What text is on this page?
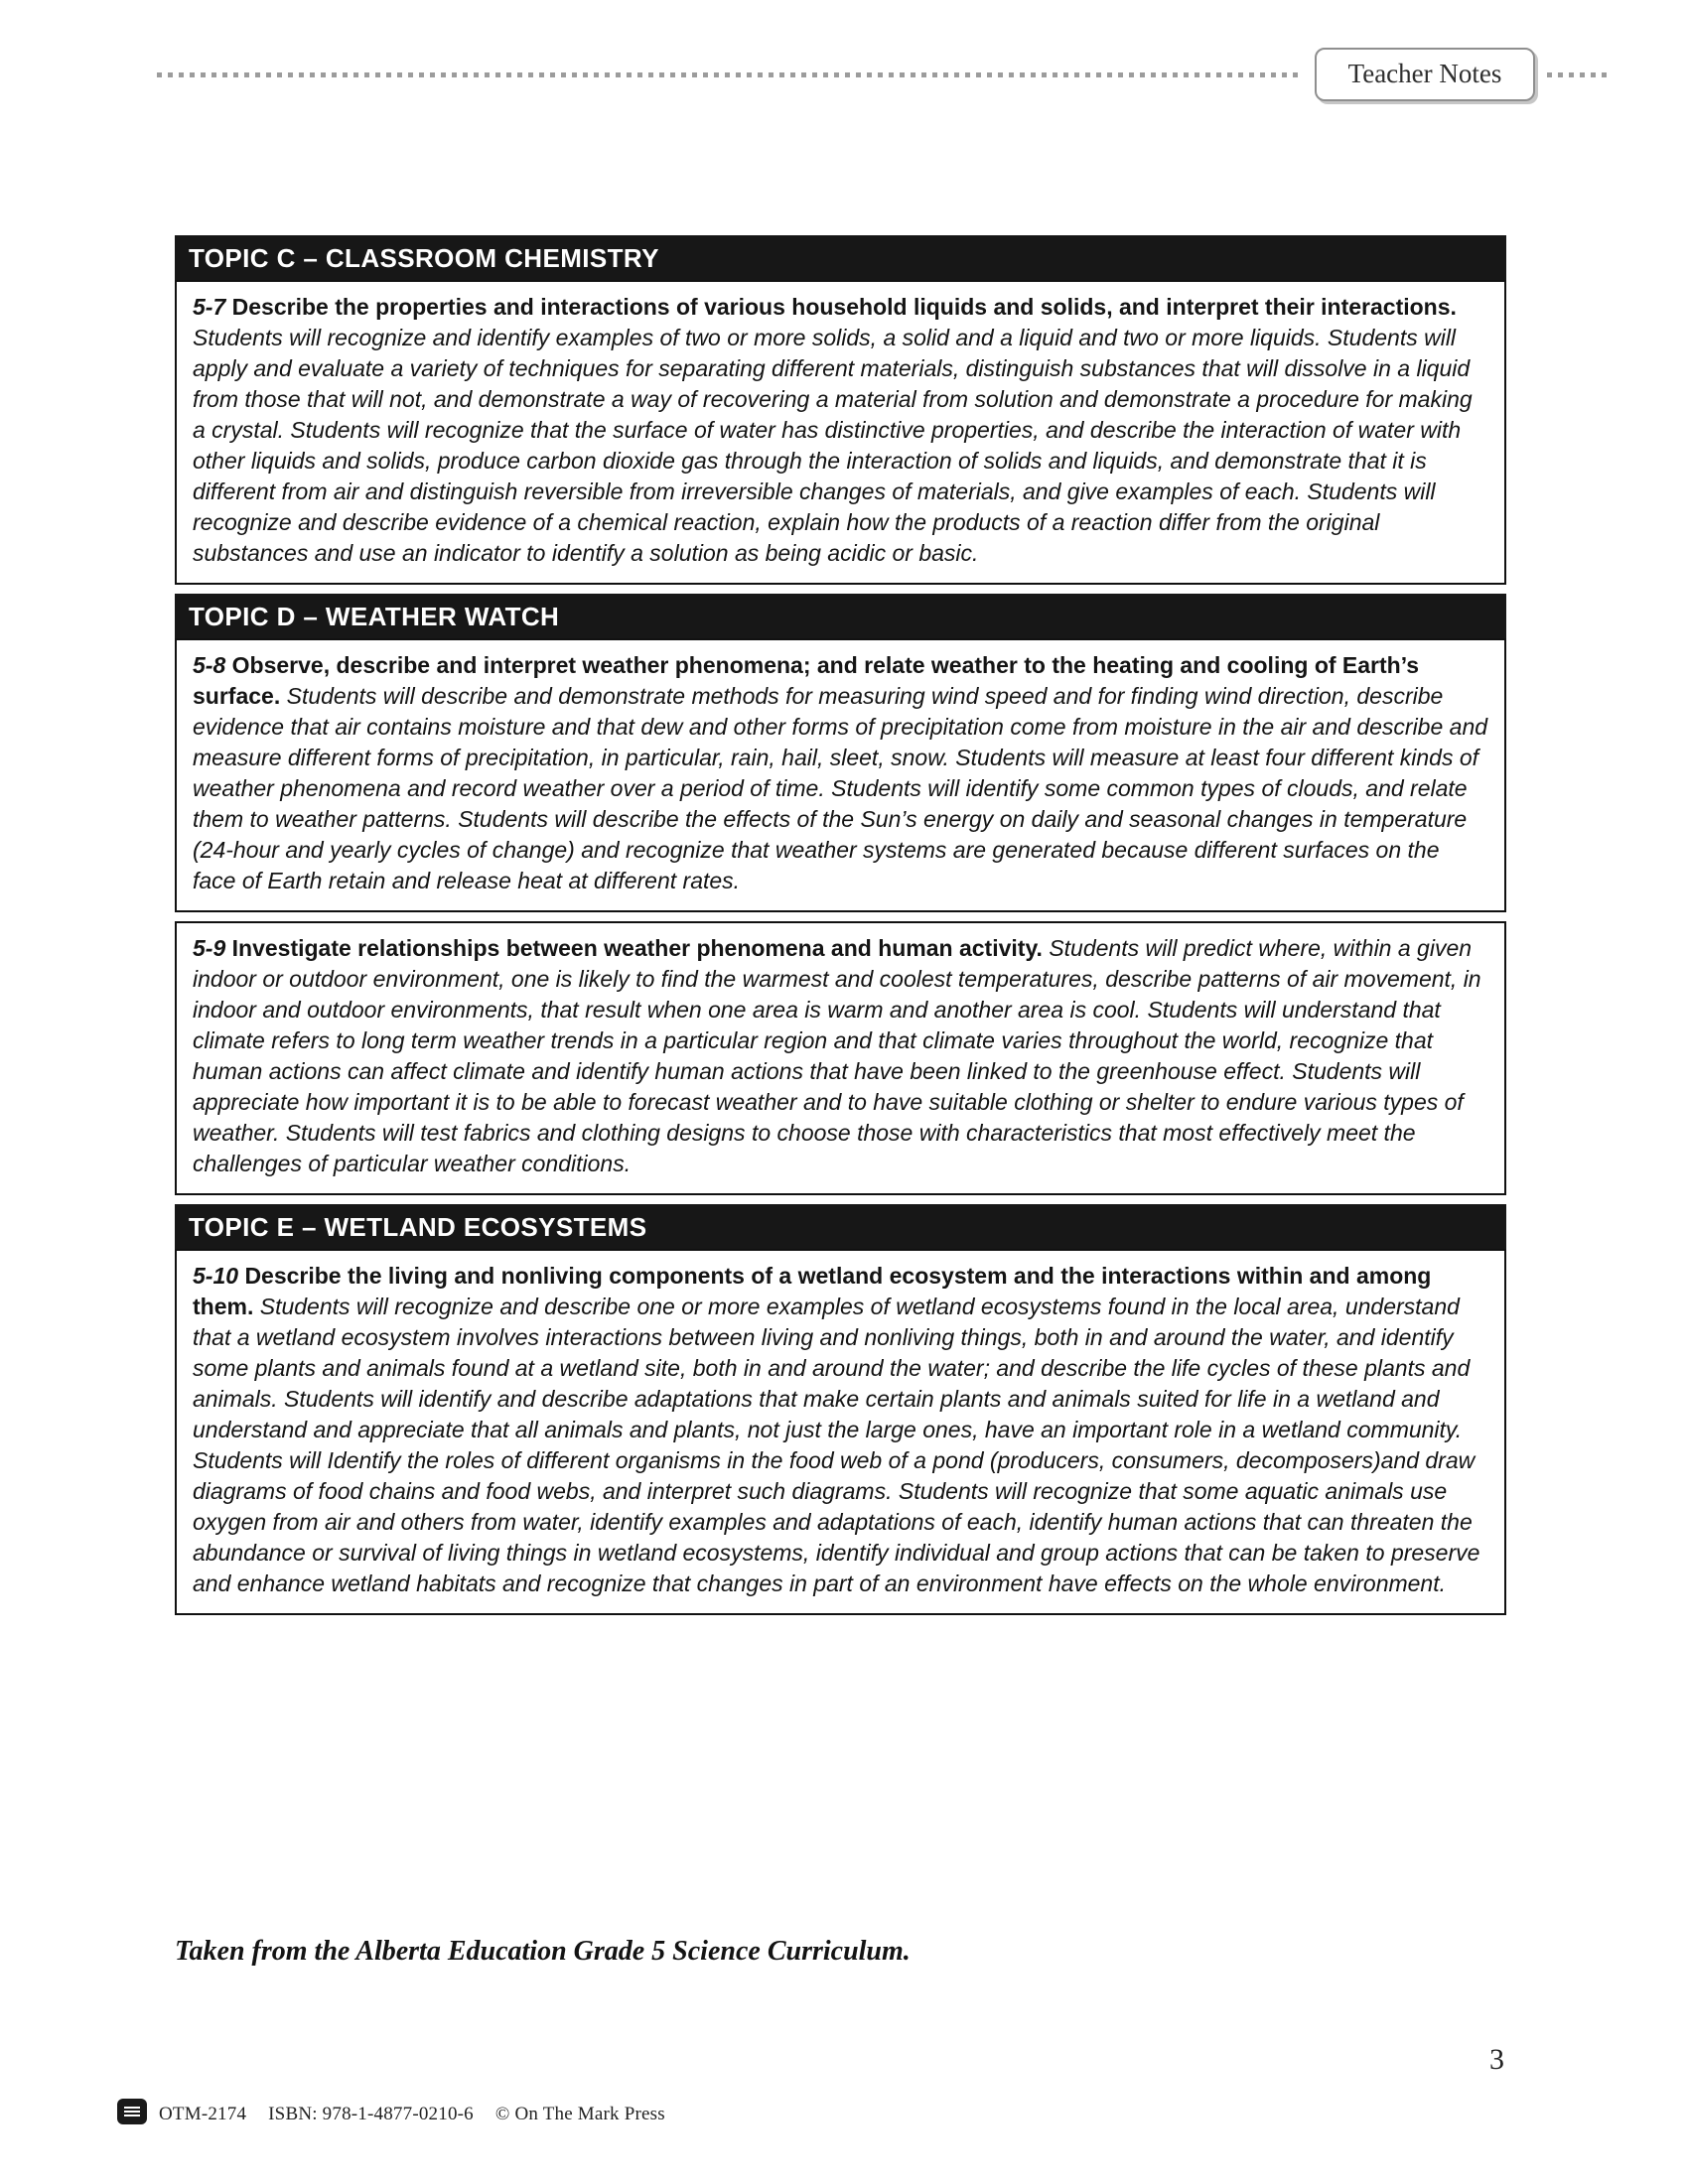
Teacher Notes
TOPIC C – CLASSROOM CHEMISTRY

5-7 Describe the properties and interactions of various household liquids and solids, and interpret their interactions. Students will recognize and identify examples of two or more solids, a solid and a liquid and two or more liquids. Students will apply and evaluate a variety of techniques for separating different materials, distinguish substances that will dissolve in a liquid from those that will not, and demonstrate a way of recovering a material from solution and demonstrate a procedure for making a crystal. Students will recognize that the surface of water has distinctive properties, and describe the interaction of water with other liquids and solids, produce carbon dioxide gas through the interaction of solids and liquids, and demonstrate that it is different from air and distinguish reversible from irreversible changes of materials, and give examples of each. Students will recognize and describe evidence of a chemical reaction, explain how the products of a reaction differ from the original substances and use an indicator to identify a solution as being acidic or basic.

TOPIC D – WEATHER WATCH

5-8 Observe, describe and interpret weather phenomena; and relate weather to the heating and cooling of Earth’s surface. Students will describe and demonstrate methods for measuring wind speed and for finding wind direction, describe evidence that air contains moisture and that dew and other forms of precipitation come from moisture in the air and describe and measure different forms of precipitation, in particular, rain, hail, sleet, snow. Students will measure at least four different kinds of weather phenomena and record weather over a period of time. Students will identify some common types of clouds, and relate them to weather patterns. Students will describe the effects of the Sun’s energy on daily and seasonal changes in temperature (24-hour and yearly cycles of change) and recognize that weather systems are generated because different surfaces on the face of Earth retain and release heat at different rates.

5-9 Investigate relationships between weather phenomena and human activity. Students will predict where, within a given indoor or outdoor environment, one is likely to find the warmest and coolest temperatures, describe patterns of air movement, in indoor and outdoor environments, that result when one area is warm and another area is cool. Students will understand that climate refers to long term weather trends in a particular region and that climate varies throughout the world, recognize that human actions can affect climate and identify human actions that have been linked to the greenhouse effect. Students will appreciate how important it is to be able to forecast weather and to have suitable clothing or shelter to endure various types of weather. Students will test fabrics and clothing designs to choose those with characteristics that most effectively meet the challenges of particular weather conditions.

TOPIC E – WETLAND ECOSYSTEMS

5-10 Describe the living and nonliving components of a wetland ecosystem and the interactions within and among them. Students will recognize and describe one or more examples of wetland ecosystems found in the local area, understand that a wetland ecosystem involves interactions between living and nonliving things, both in and around the water, and identify some plants and animals found at a wetland site, both in and around the water; and describe the life cycles of these plants and animals. Students will identify and describe adaptations that make certain plants and animals suited for life in a wetland and understand and appreciate that all animals and plants, not just the large ones, have an important role in a wetland community. Students will Identify the roles of different organisms in the food web of a pond (producers, consumers, decomposers)and draw diagrams of food chains and food webs, and interpret such diagrams. Students will recognize that some aquatic animals use oxygen from air and others from water, identify examples and adaptations of each, identify human actions that can threaten the abundance or survival of living things in wetland ecosystems, identify individual and group actions that can be taken to preserve and enhance wetland habitats and recognize that changes in part of an environment have effects on the whole environment.

Taken from the Alberta Education Grade 5 Science Curriculum.
OTM-2174 ISBN: 978-1-4877-0210-6 © On The Mark Press
3
